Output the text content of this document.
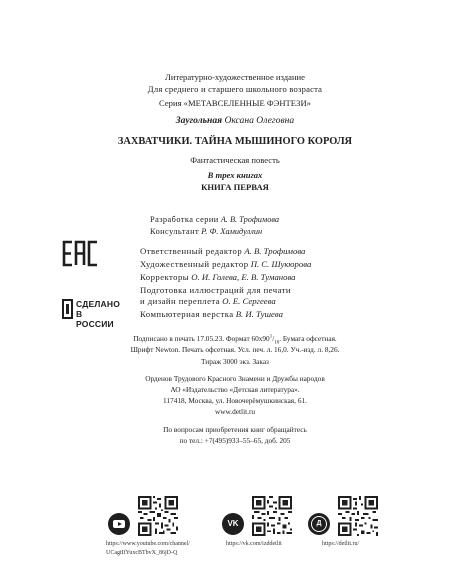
Литературно-художественное издание
Для среднего и старшего школьного возраста
Серия «МЕТАВСЕЛЕННЫЕ ФЭНТЕЗИ»
Заугольная Оксана Олеговна
ЗАХВАТЧИКИ. ТАЙНА МЫШИНОГО КОРОЛЯ
Фантастическая повесть
В трех книгах
КНИГА ПЕРВАЯ
Разработка серии А. В. Трофимова
Консультант Р. Ф. Хамидуллин
Ответственный редактор А. В. Трофимова
Художественный редактор П. С. Шукюрова
Корректоры О. И. Голева, Е. В. Туманова
Подготовка иллюстраций для печати
и дизайн переплета О. Е. Сергеева
Компьютерная верстка В. И. Тушева
СДЕЛАНО
В РОССИИ
Подписано в печать 17.05.23. Формат $60х90^1/_{16}$. Бумага офсетная.
Шрифт Newton. Печать офсетная. Усл. печ. л. 16,0. Уч.-изд. л. 8,26.
Тираж 3000 экз. Заказ
Орденов Трудового Красного Знамени и Дружбы народов
АО «Издательство «Детская литература».
117418, Москва, ул. Новочерёмушкинская, 61.
www.detlit.ru
По вопросам приобретения книг обращайтесь
по тел.: +7(495)933–55–65, доб. 205
https://www.youtube.com/channel/
UCagtIfYuxcBTbvX_86jD-Q
VK
https://vk.com/izddetlit
Д
https://detlit.ru/
